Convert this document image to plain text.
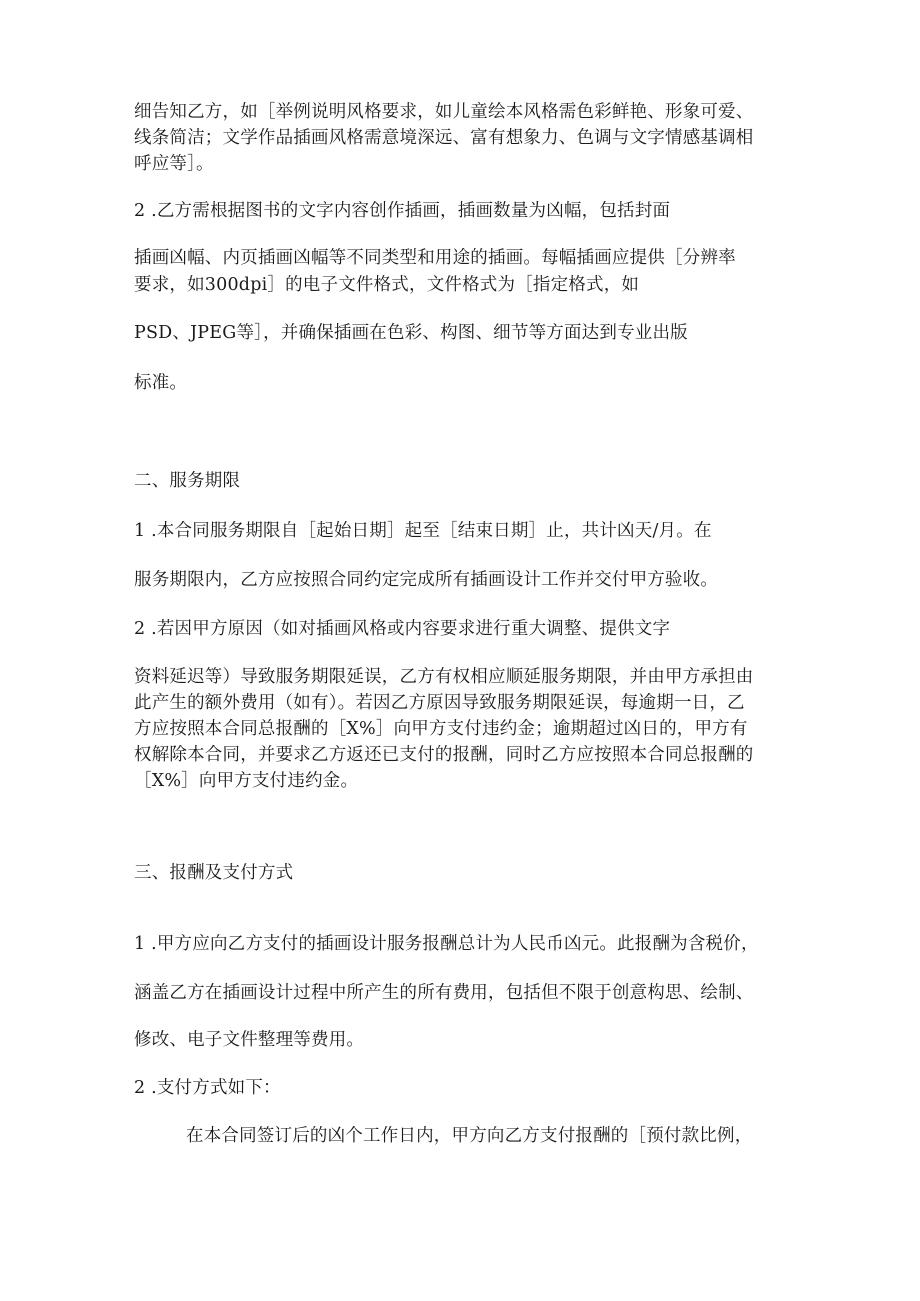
细告知乙方，如［举例说明风格要求，如儿童绘本风格需色彩鲜艳、形象可爱、

线条简洁；文学作品插画风格需意境深远、富有想象力、色调与文字情感基调相

呼应等］。

2 .乙方需根据图书的文字内容创作插画，插画数量为凶幅，包括封面

插画凶幅、内页插画凶幅等不同类型和用途的插画。每幅插画应提供［分辨率

要求，如300dpi］的电子文件格式，文件格式为［指定格式，如

PSD、JPEG等］，并确保插画在色彩、构图、细节等方面达到专业出版

标准。

二、服务期限

1 .本合同服务期限自［起始日期］起至［结束日期］止，共计凶天/月。在

服务期限内，乙方应按照合同约定完成所有插画设计工作并交付甲方验收。

2 .若因甲方原因（如对插画风格或内容要求进行重大调整、提供文字

资料延迟等）导致服务期限延误，乙方有权相应顺延服务期限，并由甲方承担由

此产生的额外费用（如有）。若因乙方原因导致服务期限延误，每逾期一日，乙

方应按照本合同总报酬的［X%］向甲方支付违约金；逾期超过凶日的，甲方有

权解除本合同，并要求乙方返还已支付的报酬，同时乙方应按照本合同总报酬的

［X%］向甲方支付违约金。

三、报酬及支付方式

1 .甲方应向乙方支付的插画设计服务报酬总计为人民币凶元。此报酬为含税价，

涵盖乙方在插画设计过程中所产生的所有费用，包括但不限于创意构思、绘制、

修改、电子文件整理等费用。

2 .支付方式如下：

在本合同签订后的凶个工作日内，甲方向乙方支付报酬的［预付款比例，
